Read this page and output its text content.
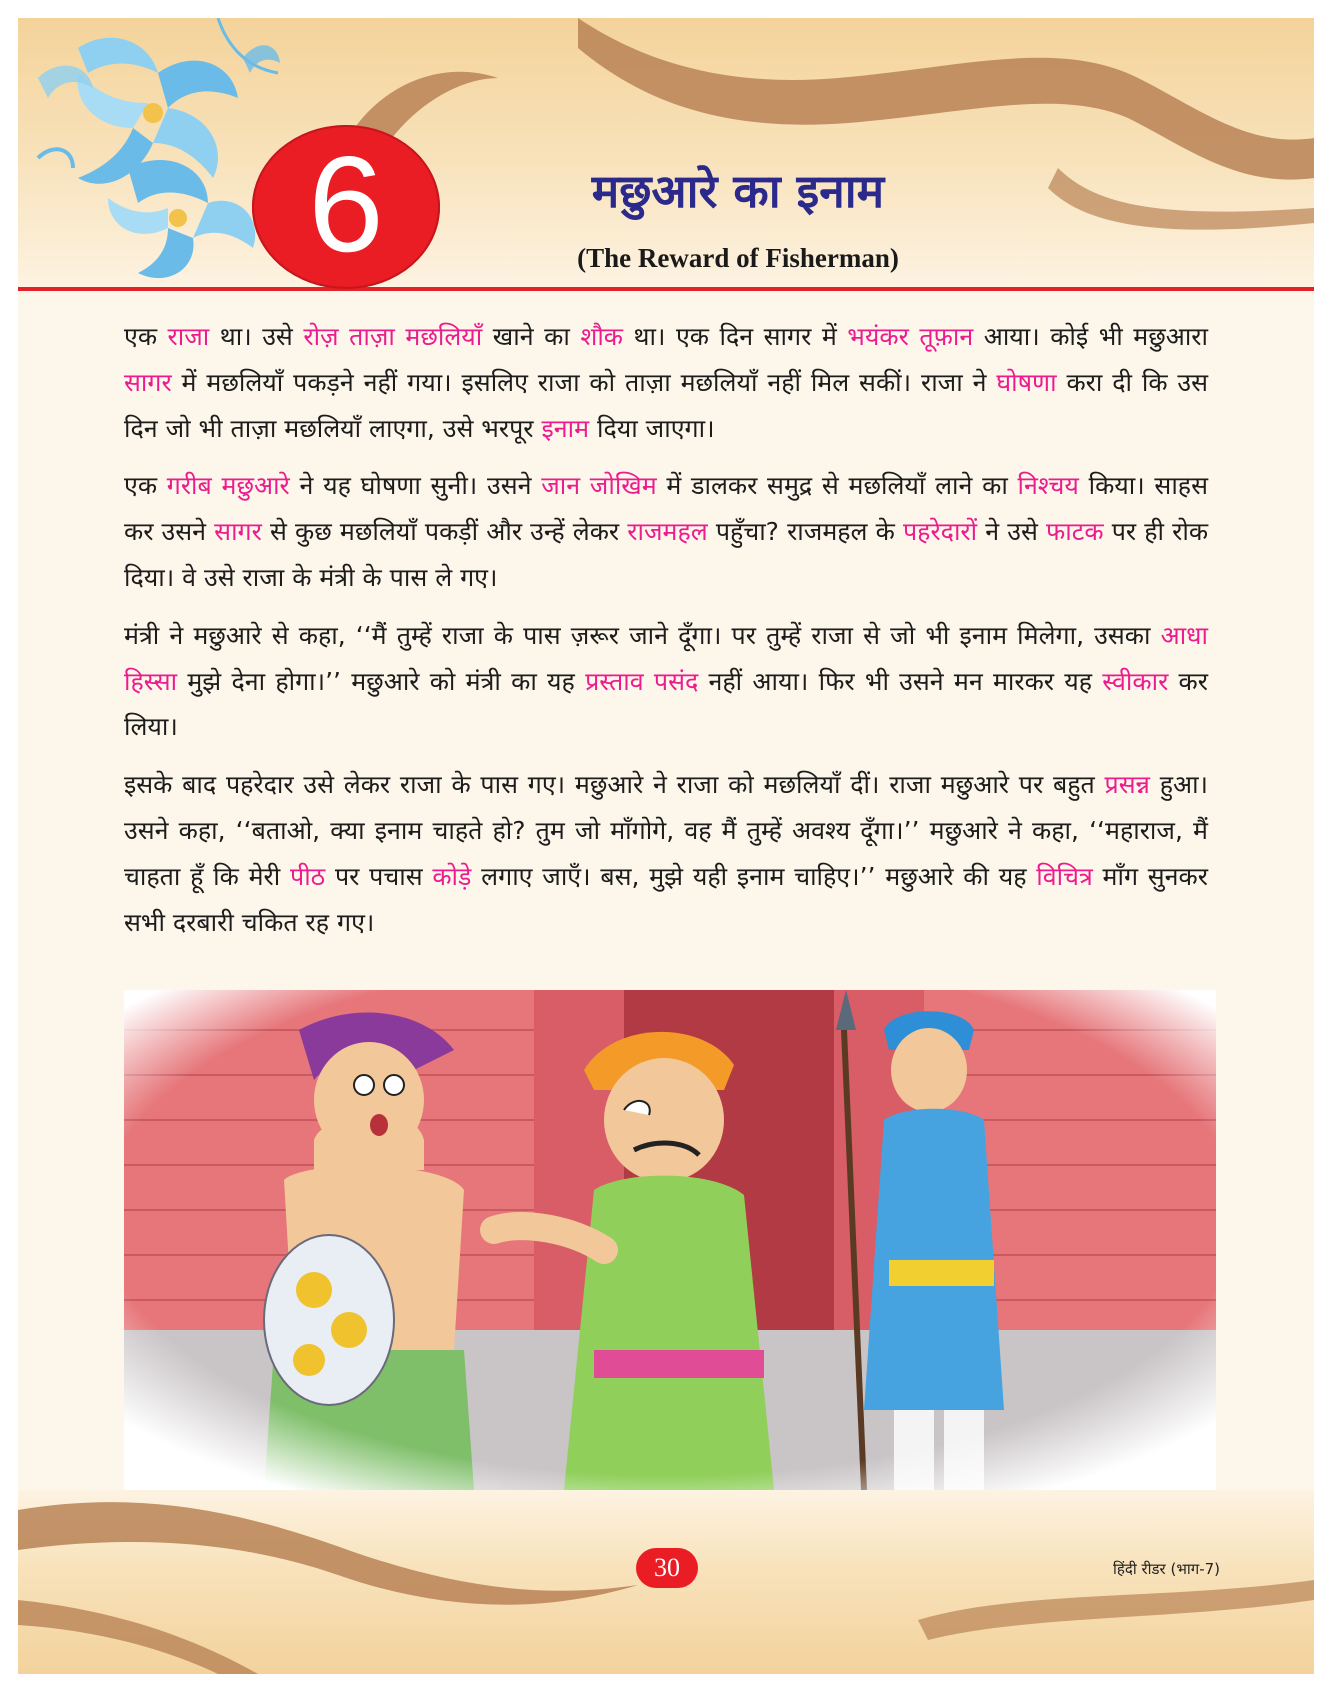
6	मछुआरे का इनाम
(The Reward of Fisherman)

एक राजा था। उसे रोज़ ताज़ा मछलियाँ खाने का शौक था। एक दिन सागर में भयंकर तूफ़ान आया। कोई भी मछुआरा सागर में मछलियाँ पकड़ने नहीं गया। इसलिए राजा को ताज़ा मछलियाँ नहीं मिल सकीं। राजा ने घोषणा करा दी कि उस दिन जो भी ताज़ा मछलियाँ लाएगा, उसे भरपूर इनाम दिया जाएगा।

एक गरीब मछुआरे ने यह घोषणा सुनी। उसने जान जोखिम में डालकर समुद्र से मछलियाँ लाने का निश्चय किया। साहस कर उसने सागर से कुछ मछलियाँ पकड़ीं और उन्हें लेकर राजमहल पहुँचा? राजमहल के पहरेदारों ने उसे फाटक पर ही रोक दिया। वे उसे राजा के मंत्री के पास ले गए।

मंत्री ने मछुआरे से कहा, ‘‘मैं तुम्हें राजा के पास ज़रूर जाने दूँगा। पर तुम्हें राजा से जो भी इनाम मिलेगा, उसका आधा हिस्सा मुझे देना होगा।’’ मछुआरे को मंत्री का यह प्रस्ताव पसंद नहीं आया। फिर भी उसने मन मारकर यह स्वीकार कर लिया।

इसके बाद पहरेदार उसे लेकर राजा के पास गए। मछुआरे ने राजा को मछलियाँ दीं। राजा मछुआरे पर बहुत प्रसन्न हुआ। उसने कहा, ‘‘बताओ, क्या इनाम चाहते हो? तुम जो माँगोगे, वह मैं तुम्हें अवश्य दूँगा।’’ मछुआरे ने कहा, ‘‘महाराज, मैं चाहता हूँ कि मेरी पीठ पर पचास कोड़े लगाए जाएँ। बस, मुझे यही इनाम चाहिए।’’ मछुआरे की यह विचित्र माँग सुनकर सभी दरबारी चकित रह गए।

30	हिंदी रीडर (भाग-7)
